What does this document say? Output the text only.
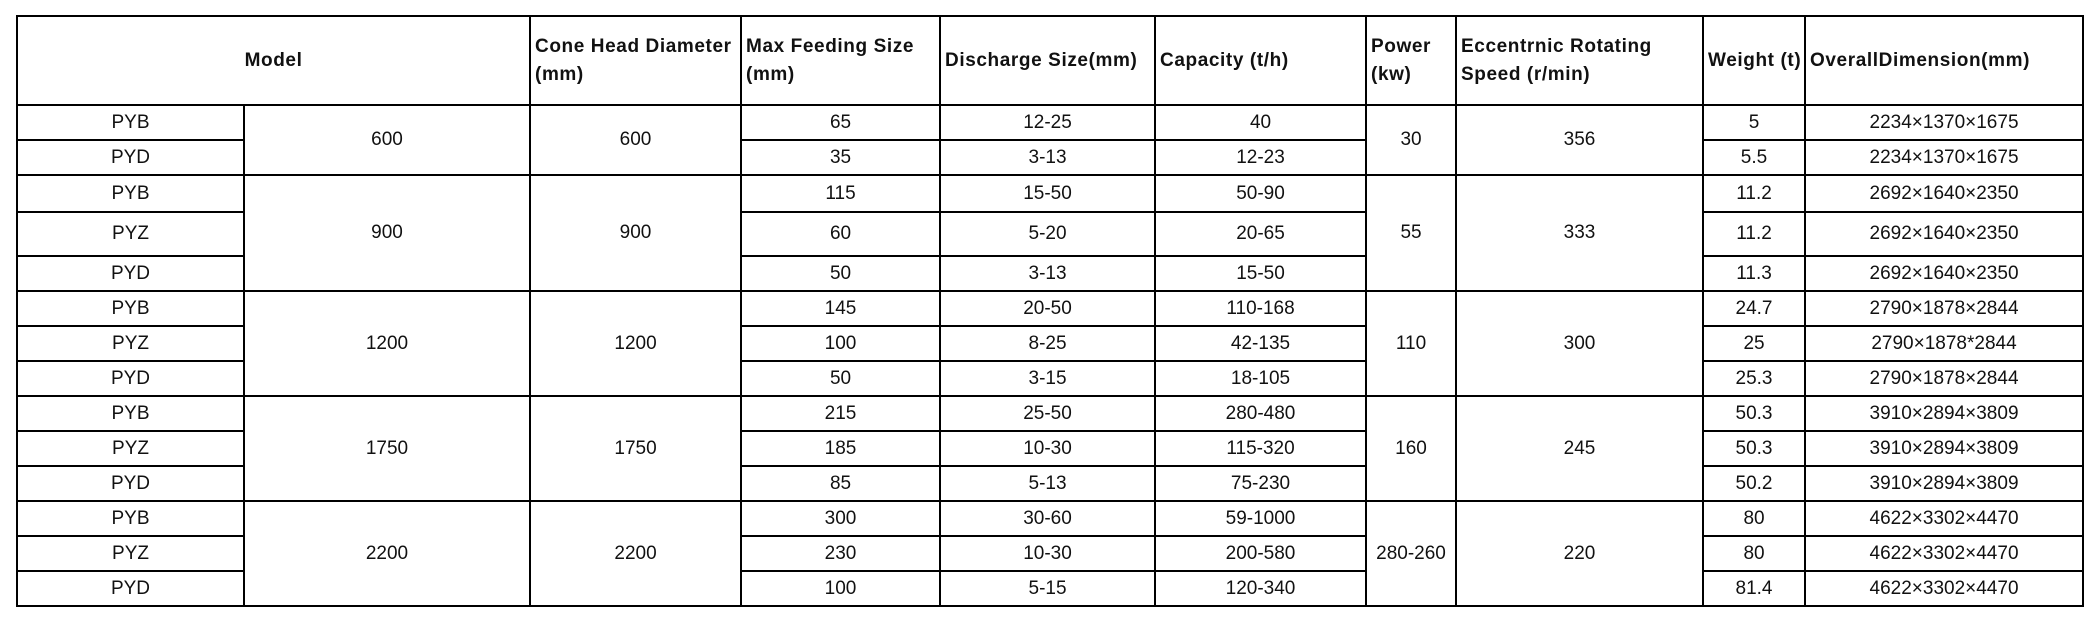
Model		Cone Head Diameter (mm)	Max Feeding Size (mm)	Discharge Size(mm)	Capacity (t/h)	Power (kw)	Eccentrnic Rotating Speed (r/min)	Weight (t)	OverallDimension(mm)
PYB	600	600	65	12-25	40	30	356	5	2234×1370×1675
PYD			35	3-13	12-23			5.5	2234×1370×1675
PYB	900	900	115	15-50	50-90	55	333	11.2	2692×1640×2350
PYZ			60	5-20	20-65			11.2	2692×1640×2350
PYD			50	3-13	15-50			11.3	2692×1640×2350
PYB	1200	1200	145	20-50	110-168	110	300	24.7	2790×1878×2844
PYZ			100	8-25	42-135			25	2790×1878*2844
PYD			50	3-15	18-105			25.3	2790×1878×2844
PYB	1750	1750	215	25-50	280-480	160	245	50.3	3910×2894×3809
PYZ			185	10-30	115-320			50.3	3910×2894×3809
PYD			85	5-13	75-230			50.2	3910×2894×3809
PYB	2200	2200	300	30-60	59-1000	280-260	220	80	4622×3302×4470
PYZ			230	10-30	200-580			80	4622×3302×4470
PYD			100	5-15	120-340			81.4	4622×3302×4470
